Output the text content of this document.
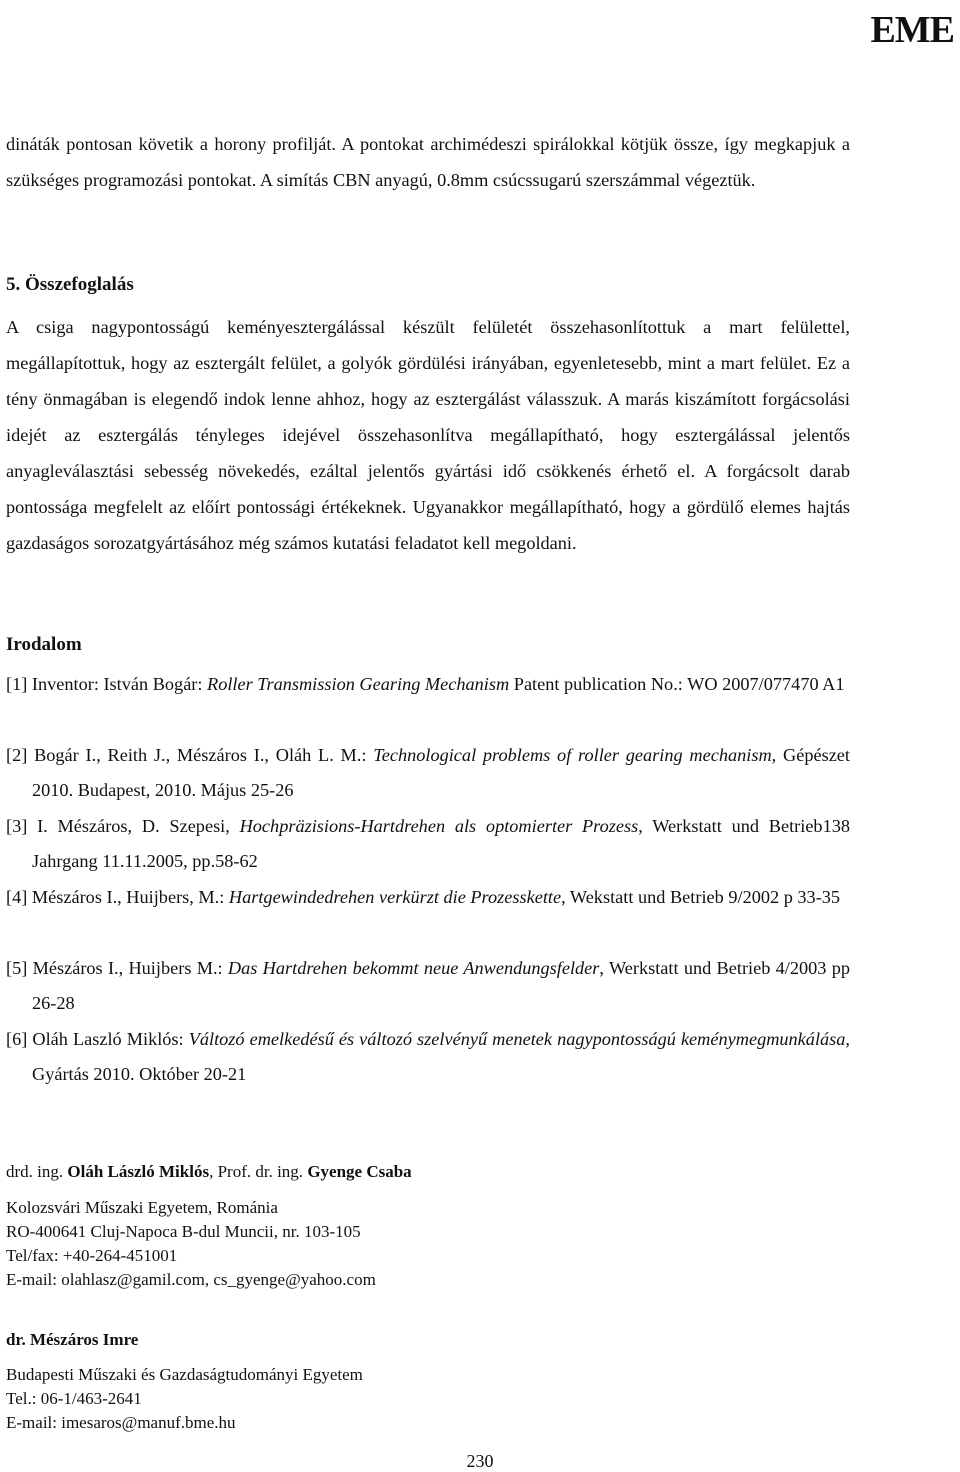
EME
dináták pontosan követik a horony profilját. A pontokat archimédeszi spirálokkal kötjük össze, így megkapjuk a szükséges programozási pontokat. A simítás CBN anyagú, 0.8mm csúcssugarú szerszámmal végeztük.
5. Összefoglalás
A csiga nagypontosságú keményesztergálással készült felületét összehasonlítottuk a mart felülettel, megállapítottuk, hogy az esztergált felület, a golyók gördülési irányában, egyenletesebb, mint a mart felület. Ez a tény önmagában is elegendő indok lenne ahhoz, hogy az esztergálást válasszuk. A marás kiszámított forgácsolási idejét az esztergálás tényleges idejével összehasonlítva megállapítható, hogy esztergálással jelentős anyagleválasztási sebesség növekedés, ezáltal jelentős gyártási idő csökkenés érhető el. A forgácsolt darab pontossága megfelelt az előírt pontossági értékeknek. Ugyanakkor megállapítható, hogy a gördülő elemes hajtás gazdaságos sorozatgyártásához még számos kutatási feladatot kell megoldani.
Irodalom
[1] Inventor: István Bogár: Roller Transmission Gearing Mechanism Patent publication No.: WO 2007/077470 A1
[2] Bogár I., Reith J., Mészáros I., Oláh L. M.: Technological problems of roller gearing mechanism, Gépészet 2010. Budapest, 2010. Május 25-26
[3] I. Mészáros, D. Szepesi, Hochpräzisions-Hartdrehen als optomierter Prozess, Werkstatt und Betrieb138 Jahrgang 11.11.2005, pp.58-62
[4] Mészáros I., Huijbers, M.: Hartgewindedrehen verkürzt die Prozesskette, Wekstatt und Betrieb 9/2002 p 33-35
[5] Mészáros I., Huijbers M.: Das Hartdrehen bekommt neue Anwendungsfelder, Werkstatt und Betrieb 4/2003 pp 26-28
[6] Oláh Laszló Miklós: Változó emelkedésű és változó szelvényű menetek nagypontosságú keménymegmunkálása, Gyártás 2010. Október 20-21
drd. ing. Oláh László Miklós, Prof. dr. ing. Gyenge Csaba
Kolozsvári Műszaki Egyetem, Románia
RO-400641 Cluj-Napoca B-dul Muncii, nr. 103-105
Tel/fax: +40-264-451001
E-mail: olahlasz@gamil.com, cs_gyenge@yahoo.com
dr. Mészáros Imre
Budapesti Műszaki és Gazdaságtudományi Egyetem
Tel.: 06-1/463-2641
E-mail: imesaros@manuf.bme.hu
230
